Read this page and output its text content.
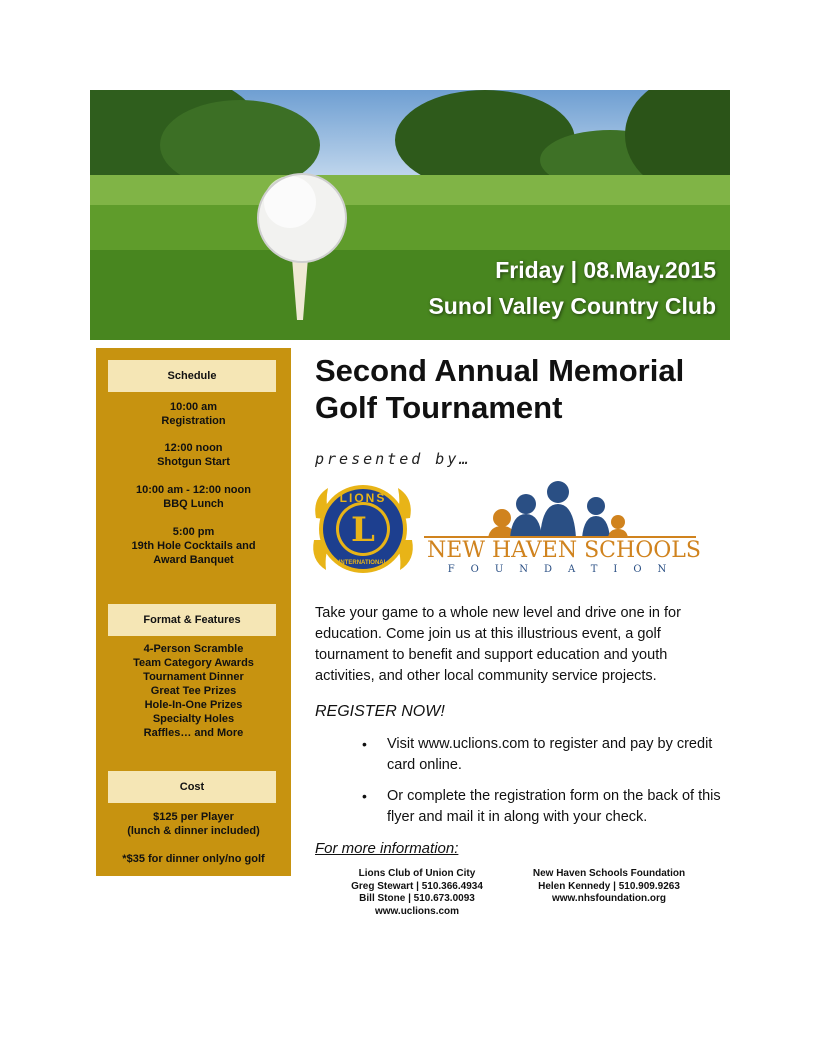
Friday | 08.May.2015
Sunol Valley Country Club
Schedule
10:00 am
Registration
12:00 noon
Shotgun Start
10:00 am - 12:00 noon
BBQ Lunch
5:00 pm
19th Hole Cocktails and
Award Banquet
Format & Features
4-Person Scramble
Team Category Awards
Tournament Dinner
Great Tee Prizes
Hole-In-One Prizes
Specialty Holes
Raffles… and More
Cost
$125 per Player
(lunch & dinner included)
*$35 for dinner only/no golf
Second Annual Memorial
Golf Tournament
presented by…
L
LIONS
INTERNATIONAL NEW HAVEN SCHOOLS
FOUNDATION
Take your game to a whole new level and drive one in for education. Come join us at this illustrious event, a golf tournament to benefit and support education and youth activities, and other local community service projects.
REGISTER NOW!
• Visit www.uclions.com to register and pay by credit card online.
• Or complete the registration form on the back of this flyer and mail it in along with your check.
For more information:
Lions Club of Union City
Greg Stewart | 510.366.4934
Bill Stone | 510.673.0093
www.uclions.com
New Haven Schools Foundation
Helen Kennedy | 510.909.9263
www.nhsfoundation.org
